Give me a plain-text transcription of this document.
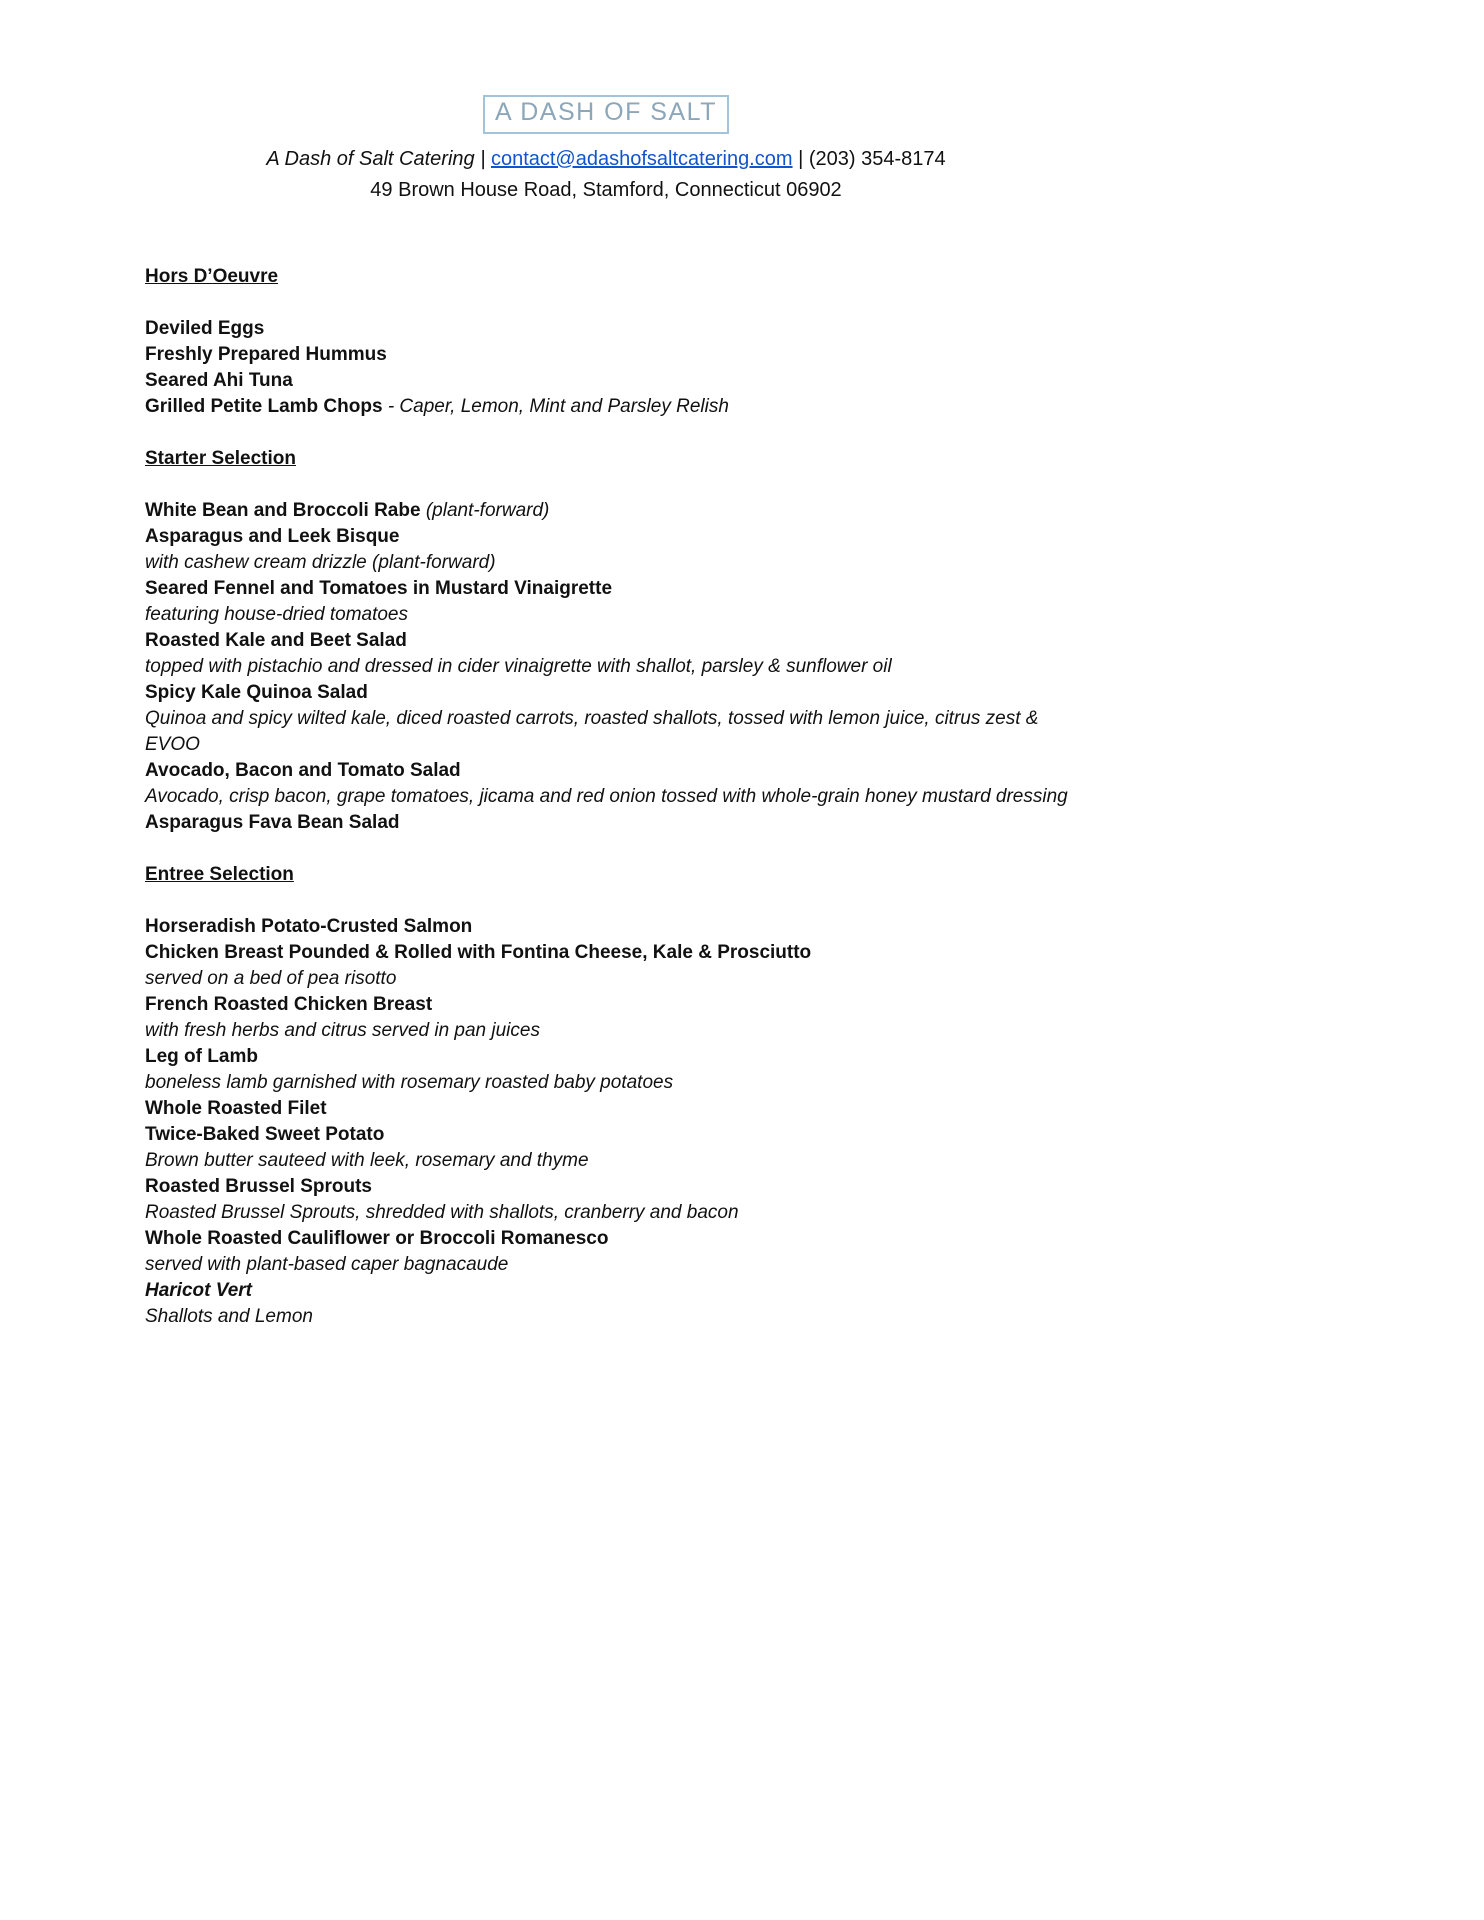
A DASH OF SALT
A Dash of Salt Catering | contact@adashofsaltcatering.com | (203) 354-8174
49 Brown House Road, Stamford, Connecticut 06902

Hors D’Oeuvre

Deviled Eggs

Freshly Prepared Hummus

Seared Ahi Tuna

Grilled Petite Lamb Chops - Caper, Lemon, Mint and Parsley Relish

Starter Selection

White Bean and Broccoli Rabe (plant-forward)

Asparagus and Leek Bisque

with cashew cream drizzle (plant-forward)

Seared Fennel and Tomatoes in Mustard Vinaigrette

featuring house-dried tomatoes

Roasted Kale and Beet Salad

topped with pistachio and dressed in cider vinaigrette with shallot, parsley & sunflower oil

Spicy Kale Quinoa Salad

Quinoa and spicy wilted kale, diced roasted carrots, roasted shallots, tossed with lemon juice, citrus zest & EVOO

Avocado, Bacon and Tomato Salad

Avocado, crisp bacon, grape tomatoes, jicama and red onion tossed with whole-grain honey mustard dressing

Asparagus Fava Bean Salad

Entree Selection

Horseradish Potato-Crusted Salmon

Chicken Breast Pounded & Rolled with Fontina Cheese, Kale & Prosciutto

served on a bed of pea risotto

French Roasted Chicken Breast

with fresh herbs and citrus served in pan juices

Leg of Lamb

boneless lamb garnished with rosemary roasted baby potatoes

Whole Roasted Filet

Twice-Baked Sweet Potato

Brown butter sauteed with leek, rosemary and thyme

Roasted Brussel Sprouts

Roasted Brussel Sprouts, shredded with shallots, cranberry and bacon

Whole Roasted Cauliflower or Broccoli Romanesco

served with plant-based caper bagnacaude

Haricot Vert

Shallots and Lemon
